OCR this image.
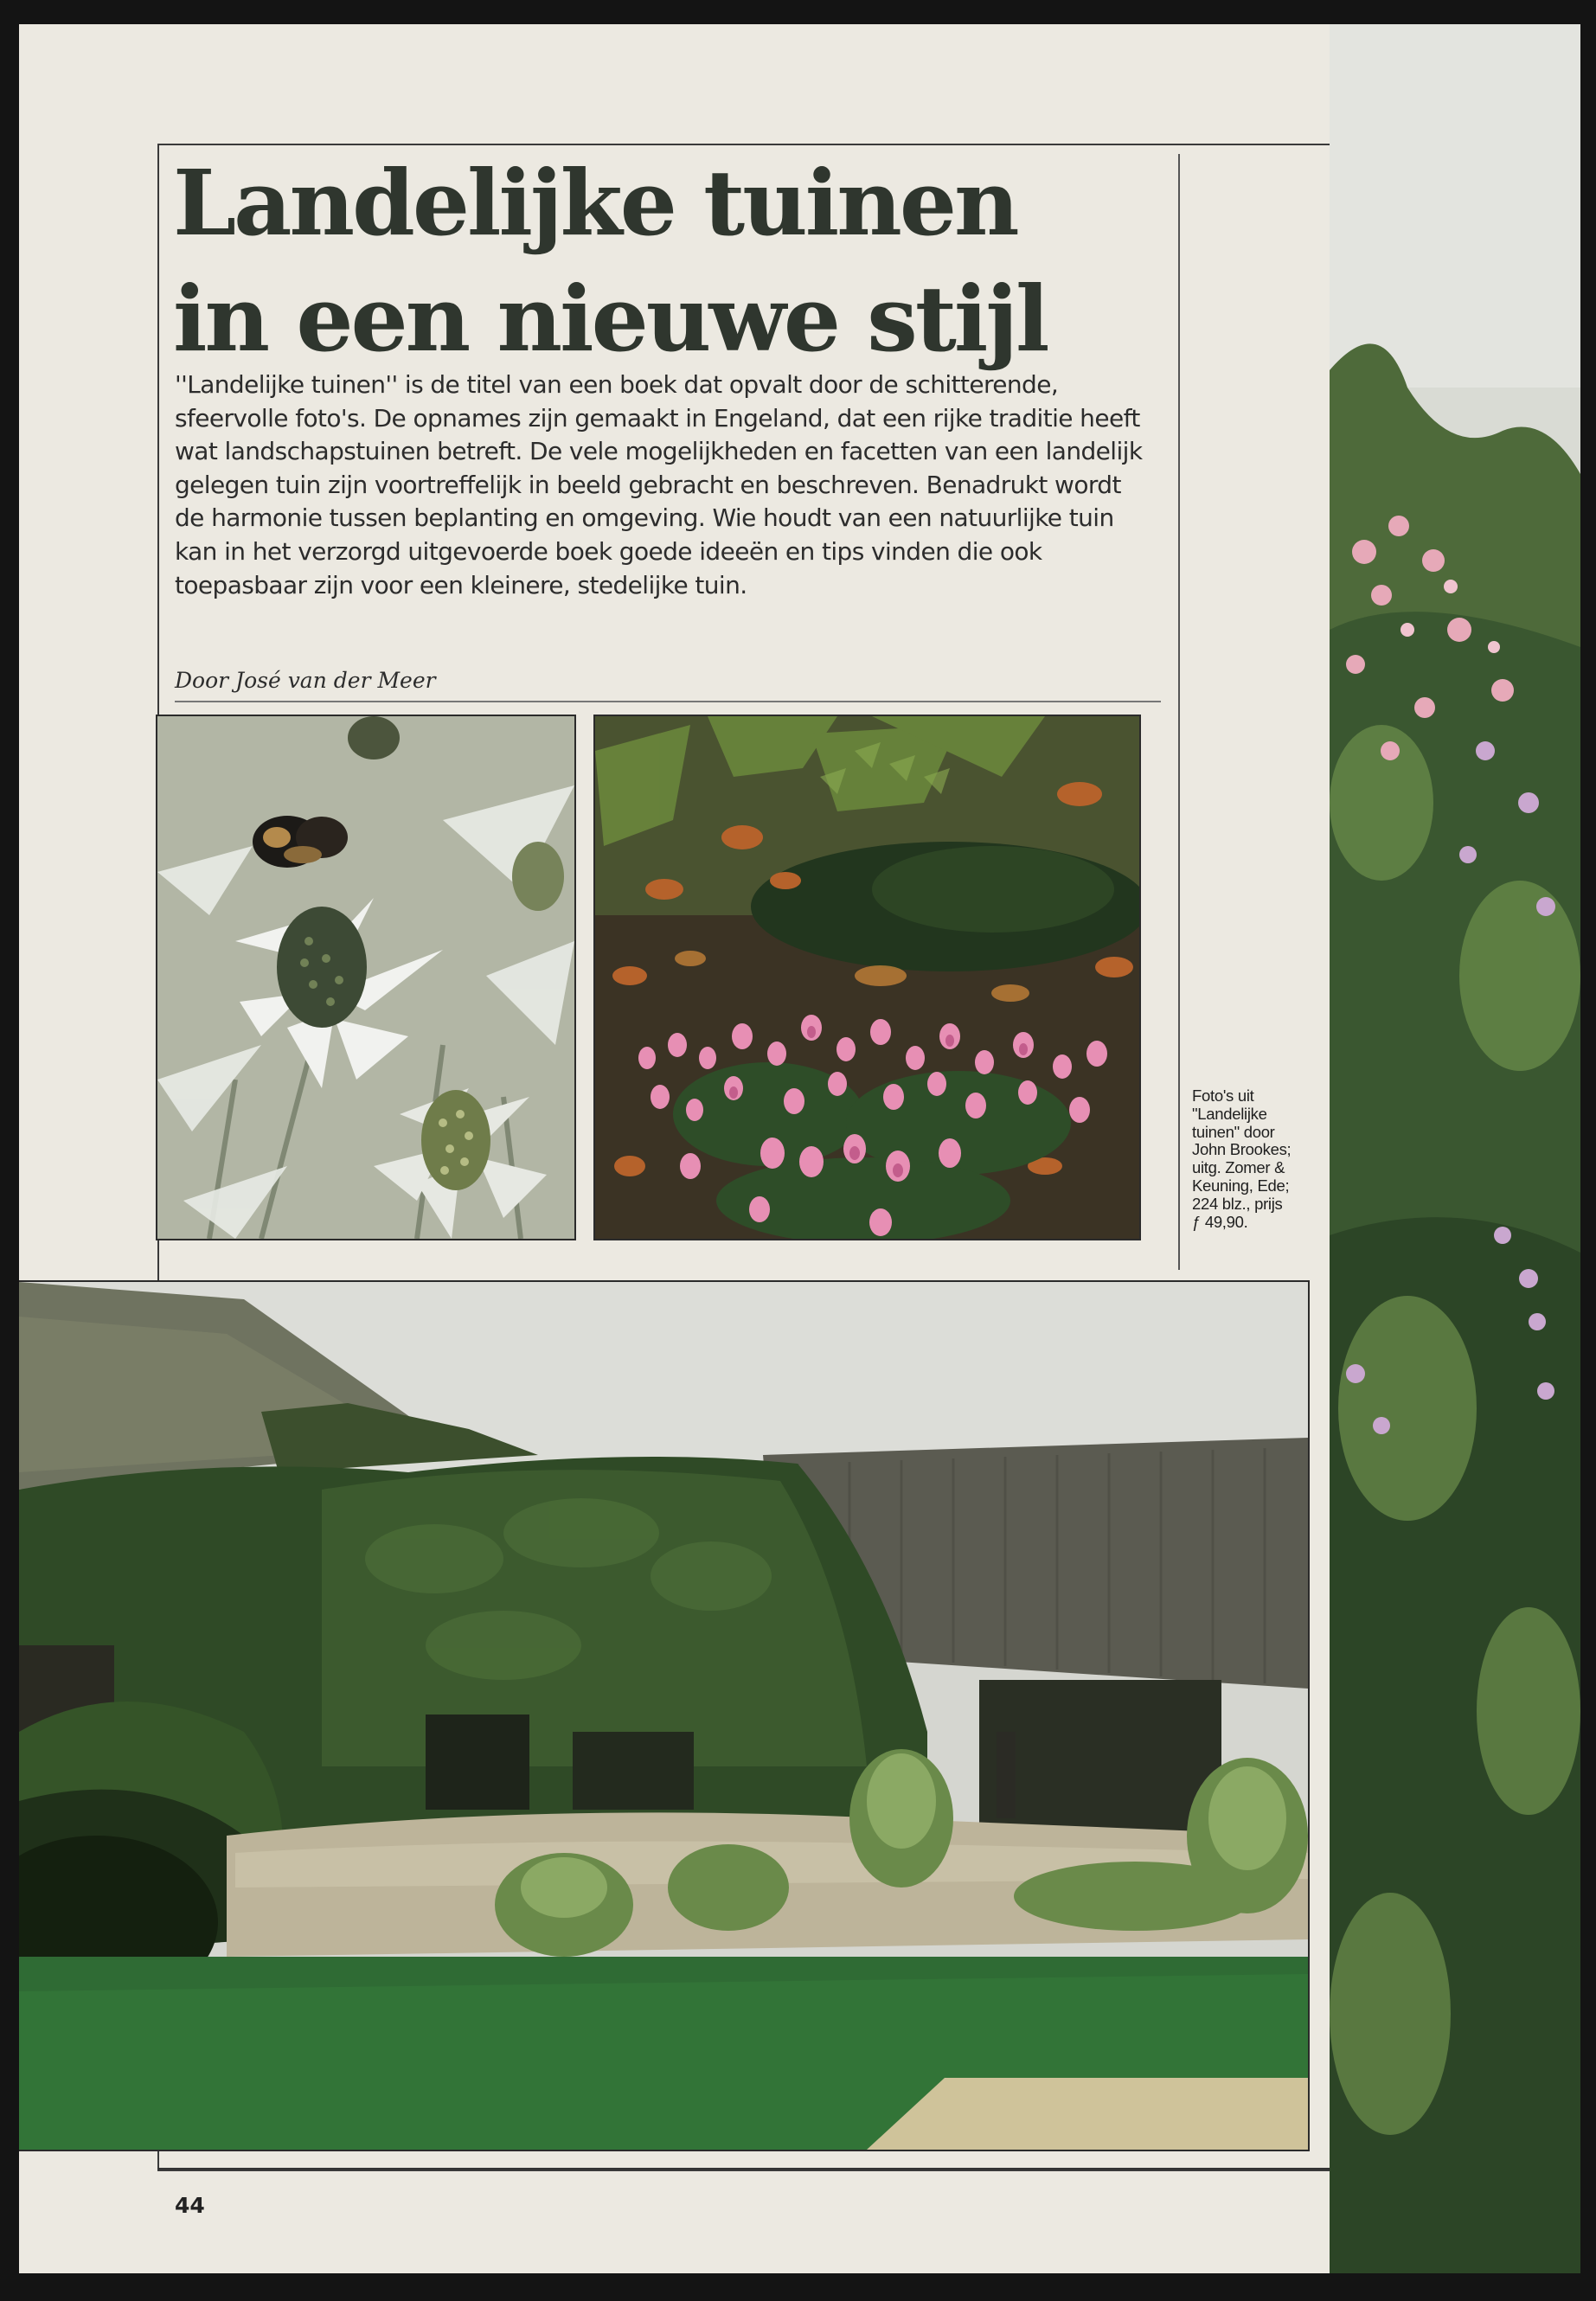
Landelijke tuinen
in een nieuwe stijl

''Landelijke tuinen'' is de titel van een boek dat opvalt door de schitterende, sfeervolle foto's. De opnames zijn gemaakt in Engeland, dat een rijke traditie heeft wat landschapstuinen betreft. De vele mogelijkheden en facetten van een landelijk gelegen tuin zijn voortreffelijk in beeld gebracht en beschreven. Benadrukt wordt de harmonie tussen beplanting en omgeving. Wie houdt van een natuurlijke tuin kan in het verzorgd uitgevoerde boek goede ideeën en tips vinden die ook toepasbaar zijn voor een kleinere, stedelijke tuin.

Door José van der Meer

Foto's uit
"Landelijke
tuinen" door
John Brookes;
uitg. Zomer &
Keuning, Ede;
224 blz., prijs
ƒ 49,90.

44
